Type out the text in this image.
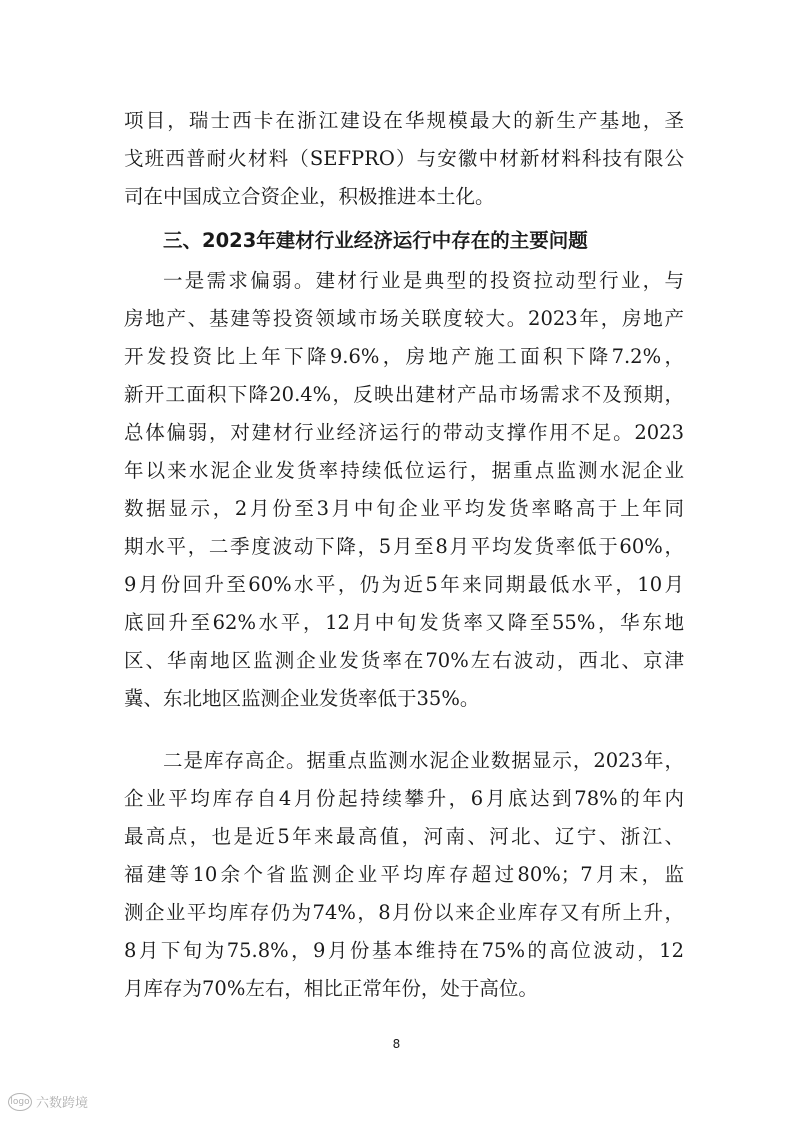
项目，瑞士西卡在浙江建设在华规模最大的新生产基地，圣
戈班西普耐火材料（SEFPRO）与安徽中材新材料科技有限公
司在中国成立合资企业，积极推进本土化。
三、2023年建材行业经济运行中存在的主要问题
一是需求偏弱。建材行业是典型的投资拉动型行业，与
房地产、基建等投资领域市场关联度较大。2023年，房地产
开发投资比上年下降9.6%，房地产施工面积下降7.2%，
新开工面积下降20.4%，反映出建材产品市场需求不及预期，
总体偏弱，对建材行业经济运行的带动支撑作用不足。2023
年以来水泥企业发货率持续低位运行，据重点监测水泥企业
数据显示，2月份至3月中旬企业平均发货率略高于上年同
期水平，二季度波动下降，5月至8月平均发货率低于60%，
9月份回升至60%水平，仍为近5年来同期最低水平，10月
底回升至62%水平，12月中旬发货率又降至55%，华东地
区、华南地区监测企业发货率在70%左右波动，西北、京津
冀、东北地区监测企业发货率低于35%。
二是库存高企。据重点监测水泥企业数据显示，2023年，
企业平均库存自4月份起持续攀升，6月底达到78%的年内
最高点，也是近5年来最高值，河南、河北、辽宁、浙江、
福建等10余个省监测企业平均库存超过80%；7月末，监
测企业平均库存仍为74%，8月份以来企业库存又有所上升，
8月下旬为75.8%，9月份基本维持在75%的高位波动，12
月库存为70%左右，相比正常年份，处于高位。
8
logo 六数跨境
